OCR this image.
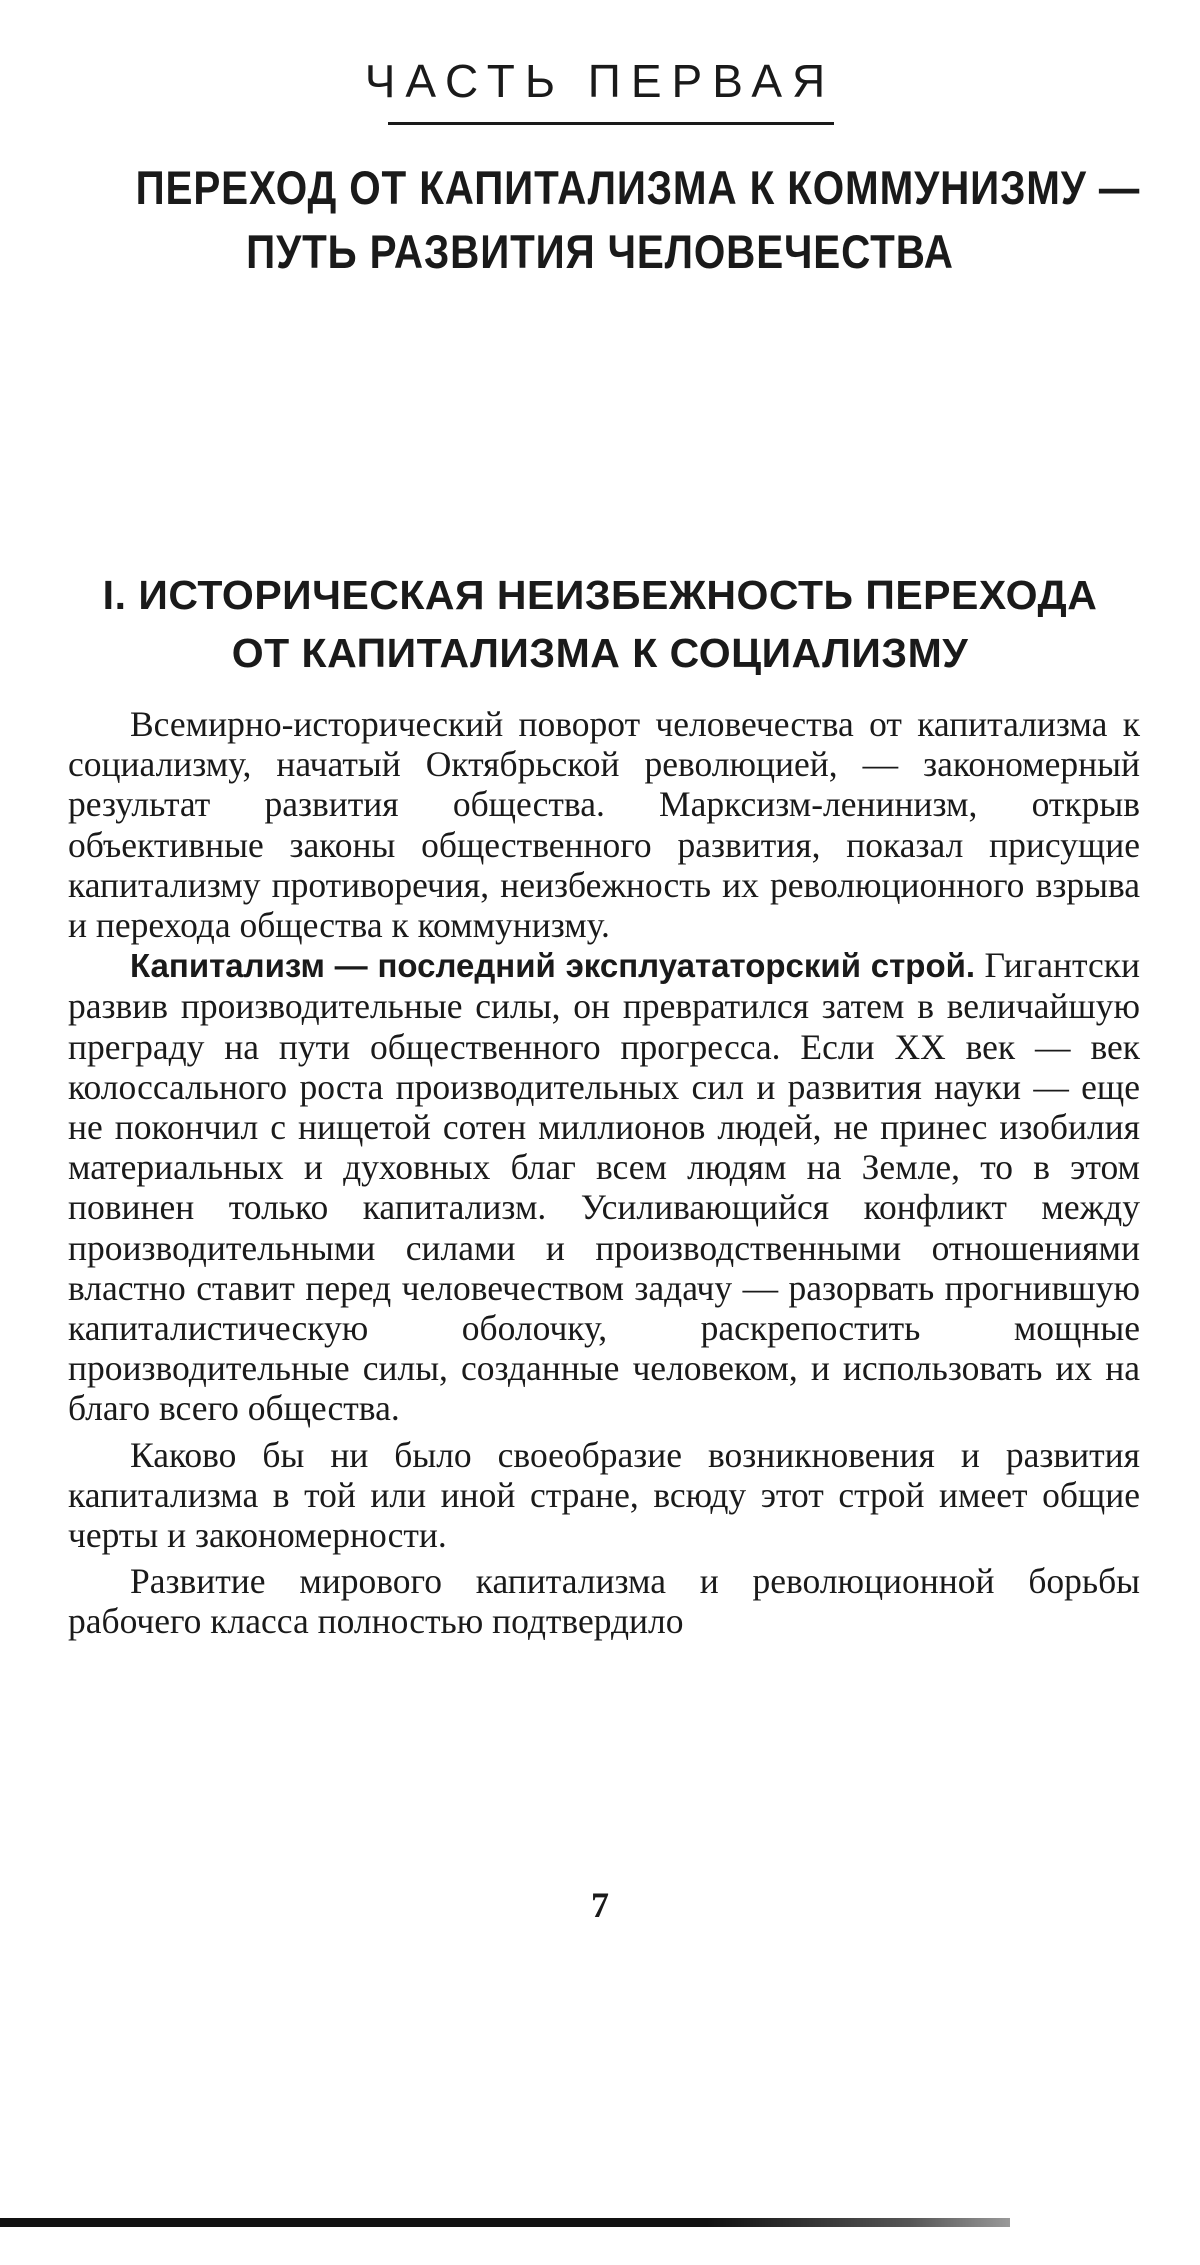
ЧАСТЬ ПЕРВАЯ
ПЕРЕХОД ОТ КАПИТАЛИЗМА К КОММУНИЗМУ —
ПУТЬ РАЗВИТИЯ ЧЕЛОВЕЧЕСТВА
I. ИСТОРИЧЕСКАЯ НЕИЗБЕЖНОСТЬ ПЕРЕХОДА
ОТ КАПИТАЛИЗМА К СОЦИАЛИЗМУ

Всемирно-исторический поворот человечества от капитализма к социализму, начатый Октябрьской революцией, — закономерный результат развития общества. Марксизм-ленинизм, открыв объективные законы общественного развития, показал присущие капитализму противоречия, неизбежность их революционного взрыва и перехода общества к коммунизму.

Капитализм — последний эксплуататорский строй. Гигантски развив производительные силы, он превратился затем в величайшую преграду на пути общественного прогресса. Если XX век — век колоссального роста производительных сил и развития науки — еще не покончил с нищетой сотен миллионов людей, не принес изобилия материальных и духовных благ всем людям на Земле, то в этом повинен только капитализм. Усиливающийся конфликт между производительными силами и производственными отношениями властно ставит перед человечеством задачу — разорвать прогнившую капиталистическую оболочку, раскрепостить мощные производительные силы, созданные человеком, и использовать их на благо всего общества.

Каково бы ни было своеобразие возникновения и развития капитализма в той или иной стране, всюду этот строй имеет общие черты и закономерности.

Развитие мирового капитализма и революционной борьбы рабочего класса полностью подтвердило

7
